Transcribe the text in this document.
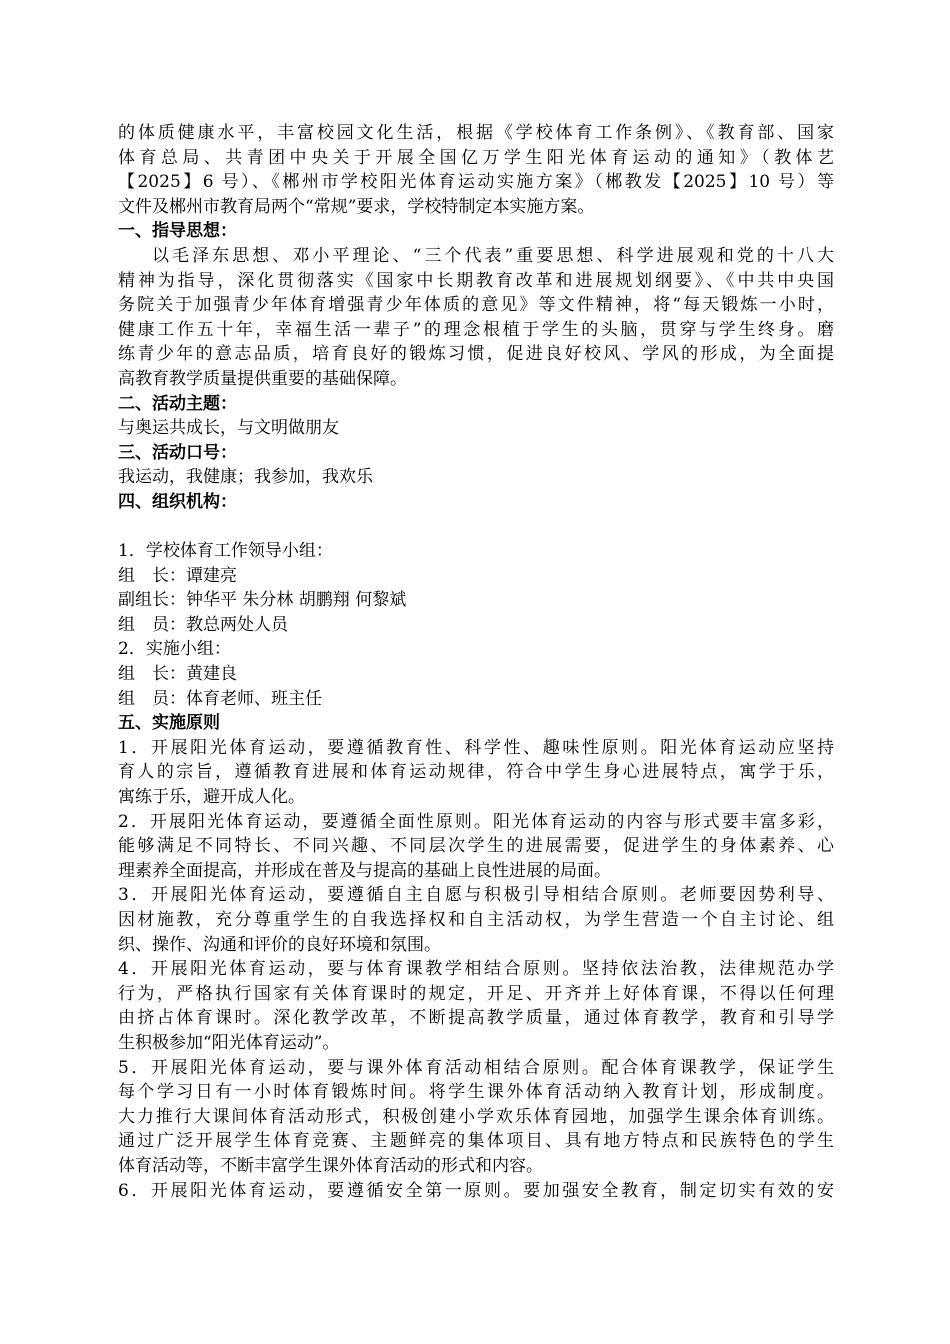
的体质健康水平，丰富校园文化生活，根据《学校体育工作条例》、《教育部、国家
体育总局、共青团中央关于开展全国亿万学生阳光体育运动的通知》（教体艺
【2025】6 号）、《郴州市学校阳光体育运动实施方案》（郴教发【2025】10 号）等
文件及郴州市教育局两个“常规”要求，学校特制定本实施方案。
一、指导思想：
以毛泽东思想、邓小平理论、“三个代表”重要思想、科学进展观和党的十八大
精神为指导，深化贯彻落实《国家中长期教育改革和进展规划纲要》、《中共中央国
务院关于加强青少年体育增强青少年体质的意见》等文件精神，将“每天锻炼一小时，
健康工作五十年，幸福生活一辈子”的理念根植于学生的头脑，贯穿与学生终身。磨
练青少年的意志品质，培育良好的锻炼习惯，促进良好校风、学风的形成，为全面提
高教育教学质量提供重要的基础保障。
二、活动主题：
与奥运共成长，与文明做朋友
三、活动口号：
我运动，我健康；我参加，我欢乐
四、组织机构：
1．学校体育工作领导小组：
组　长：谭建亮
副组长：钟华平 朱分林 胡鹏翔 何黎斌
组　员：教总两处人员
2．实施小组：
组　长：黄建良
组　员：体育老师、班主任
五、实施原则
1．开展阳光体育运动，要遵循教育性、科学性、趣味性原则。阳光体育运动应坚持
育人的宗旨，遵循教育进展和体育运动规律，符合中学生身心进展特点，寓学于乐，
寓练于乐，避开成人化。
2．开展阳光体育运动，要遵循全面性原则。阳光体育运动的内容与形式要丰富多彩，
能够满足不同特长、不同兴趣、不同层次学生的进展需要，促进学生的身体素养、心
理素养全面提高，并形成在普及与提高的基础上良性进展的局面。
3．开展阳光体育运动，要遵循自主自愿与积极引导相结合原则。老师要因势利导、
因材施教，充分尊重学生的自我选择权和自主活动权，为学生营造一个自主讨论、组
织、操作、沟通和评价的良好环境和氛围。
4．开展阳光体育运动，要与体育课教学相结合原则。坚持依法治教，法律规范办学
行为，严格执行国家有关体育课时的规定，开足、开齐并上好体育课，不得以任何理
由挤占体育课时。深化教学改革，不断提高教学质量，通过体育教学，教育和引导学
生积极参加“阳光体育运动”。
5．开展阳光体育运动，要与课外体育活动相结合原则。配合体育课教学，保证学生
每个学习日有一小时体育锻炼时间。将学生课外体育活动纳入教育计划，形成制度。
大力推行大课间体育活动形式，积极创建小学欢乐体育园地，加强学生课余体育训练。
通过广泛开展学生体育竞赛、主题鲜亮的集体项目、具有地方特点和民族特色的学生
体育活动等，不断丰富学生课外体育活动的形式和内容。
6．开展阳光体育运动，要遵循安全第一原则。要加强安全教育，制定切实有效的安
